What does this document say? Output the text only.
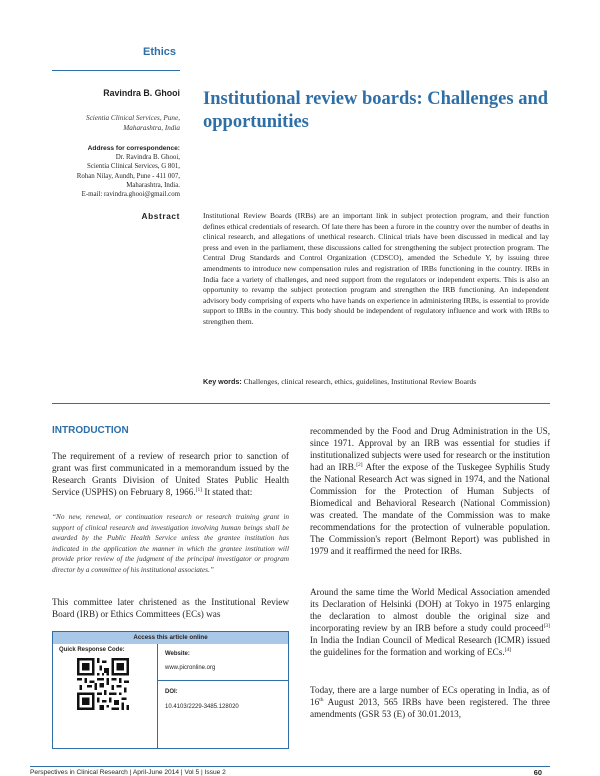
Ethics
Ravindra B. Ghooi
Scientia Clinical Services, Pune,
Maharashtra, India
Address for correspondence:
Dr. Ravindra B. Ghooi,
Scientia Clinical Services, G 801,
Rohan Nilay, Aundh, Pune - 411 007,
Maharashtra, India.
E-mail: ravindra.ghooi@gmail.com
Institutional review boards: Challenges and opportunities
Abstract	Institutional Review Boards (IRBs) are an important link in subject protection program, and their function defines ethical credentials of research. Of late there has been a furore in the country over the number of deaths in clinical research, and allegations of unethical research. Clinical trials have been discussed in medical and lay press and even in the parliament, these discussions called for strengthening the subject protection program. The Central Drug Standards and Control Organization (CDSCO), amended the Schedule Y, by issuing three amendments to introduce new compensation rules and registration of IRBs functioning in the country. IRBs in India face a variety of challenges, and need support from the regulators or independent experts. This is also an opportunity to revamp the subject protection program and strengthen the IRB functioning. An independent advisory body comprising of experts who have hands on experience in administering IRBs, is essential to provide support to IRBs in the country. This body should be independent of regulatory influence and work with IRBs to strengthen them.

Key words: Challenges, clinical research, ethics, guidelines, Institutional Review Boards

INTRODUCTION

The requirement of a review of research prior to sanction of grant was first communicated in a memorandum issued by the Research Grants Division of United States Public Health Service (USPHS) on February 8, 1966.[1] It stated that:

“No new, renewal, or continuation research or research training grant in support of clinical research and investigation involving human beings shall be awarded by the Public Health Service unless the grantee institution has indicated in the application the manner in which the grantee institution will provide prior review of the judgment of the principal investigator or program director by a committee of his institutional associates.”

This committee later christened as the Institutional Review Board (IRB) or Ethics Committees (ECs) was

Access this article online
Quick Response Code:
Website:
www.picronline.org
DOI:
10.4103/2229-3485.128020

recommended by the Food and Drug Administration in the US, since 1971. Approval by an IRB was essential for studies if institutionalized subjects were used for research or the institution had an IRB.[2] After the expose of the Tuskegee Syphilis Study the National Research Act was signed in 1974, and the National Commission for the Protection of Human Subjects of Biomedical and Behavioral Research (National Commission) was created. The mandate of the Commission was to make recommendations for the protection of vulnerable population. The Commission's report (Belmont Report) was published in 1979 and it reaffirmed the need for IRBs.

Around the same time the World Medical Association amended its Declaration of Helsinki (DOH) at Tokyo in 1975 enlarging the declaration to almost double the original size and incorporating review by an IRB before a study could proceed[3] In India the Indian Council of Medical Research (ICMR) issued the guidelines for the formation and working of ECs.[4]

Today, there are a large number of ECs operating in India, as of 16th August 2013, 565 IRBs have been registered. The three amendments (GSR 53 (E) of 30.01.2013,

Perspectives in Clinical Research | April-June 2014 | Vol 5 | Issue 2	60
